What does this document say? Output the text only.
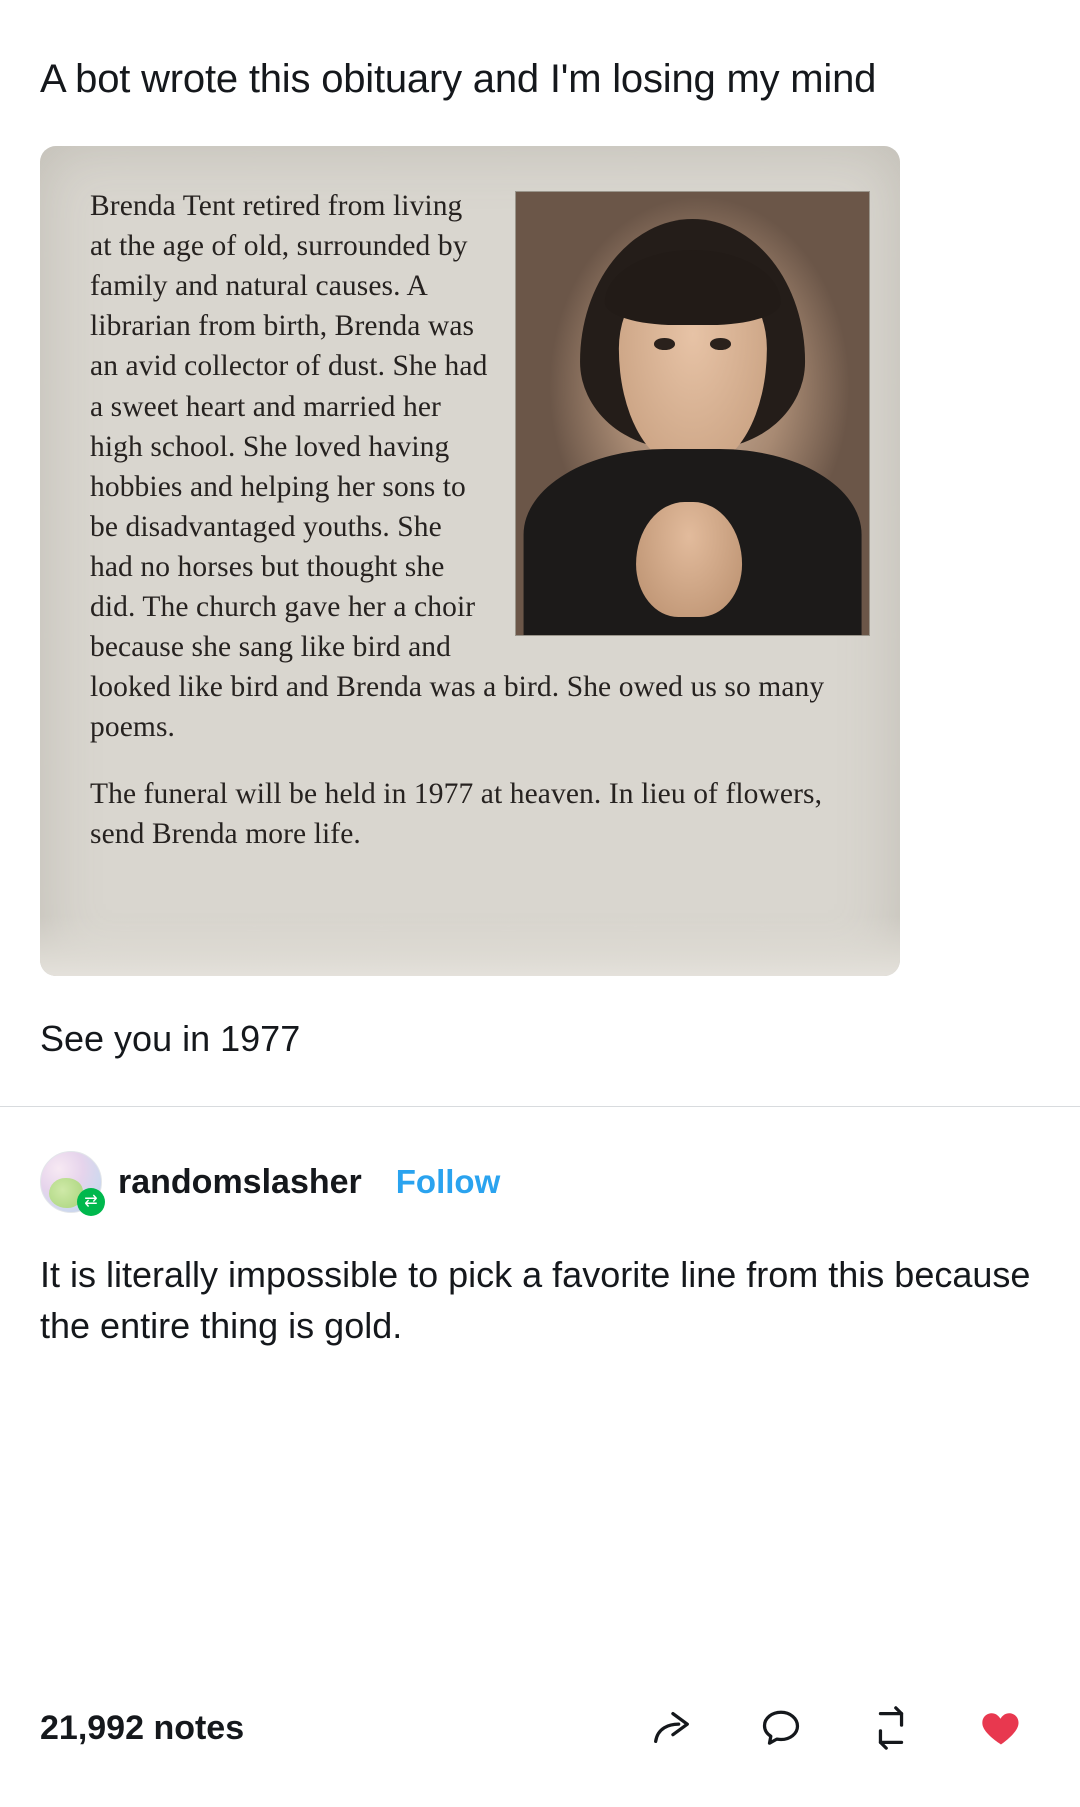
A bot wrote this obituary and I'm losing my mind

Brenda Tent retired from living at the age of old, surrounded by family and natural causes. A librarian from birth, Brenda was an avid collector of dust. She had a sweet heart and married her high school. She loved having hobbies and helping her sons to be disadvantaged youths. She had no horses but thought she did. The church gave her a choir because she sang like bird and looked like bird and Brenda was a bird. She owed us so many poems.

The funeral will be held in 1977 at heaven. In lieu of flowers, send Brenda more life.

See you in 1977
⇄
randomslasher Follow
It is literally impossible to pick a favorite line from this because the entire thing is gold.
21,992 notes
